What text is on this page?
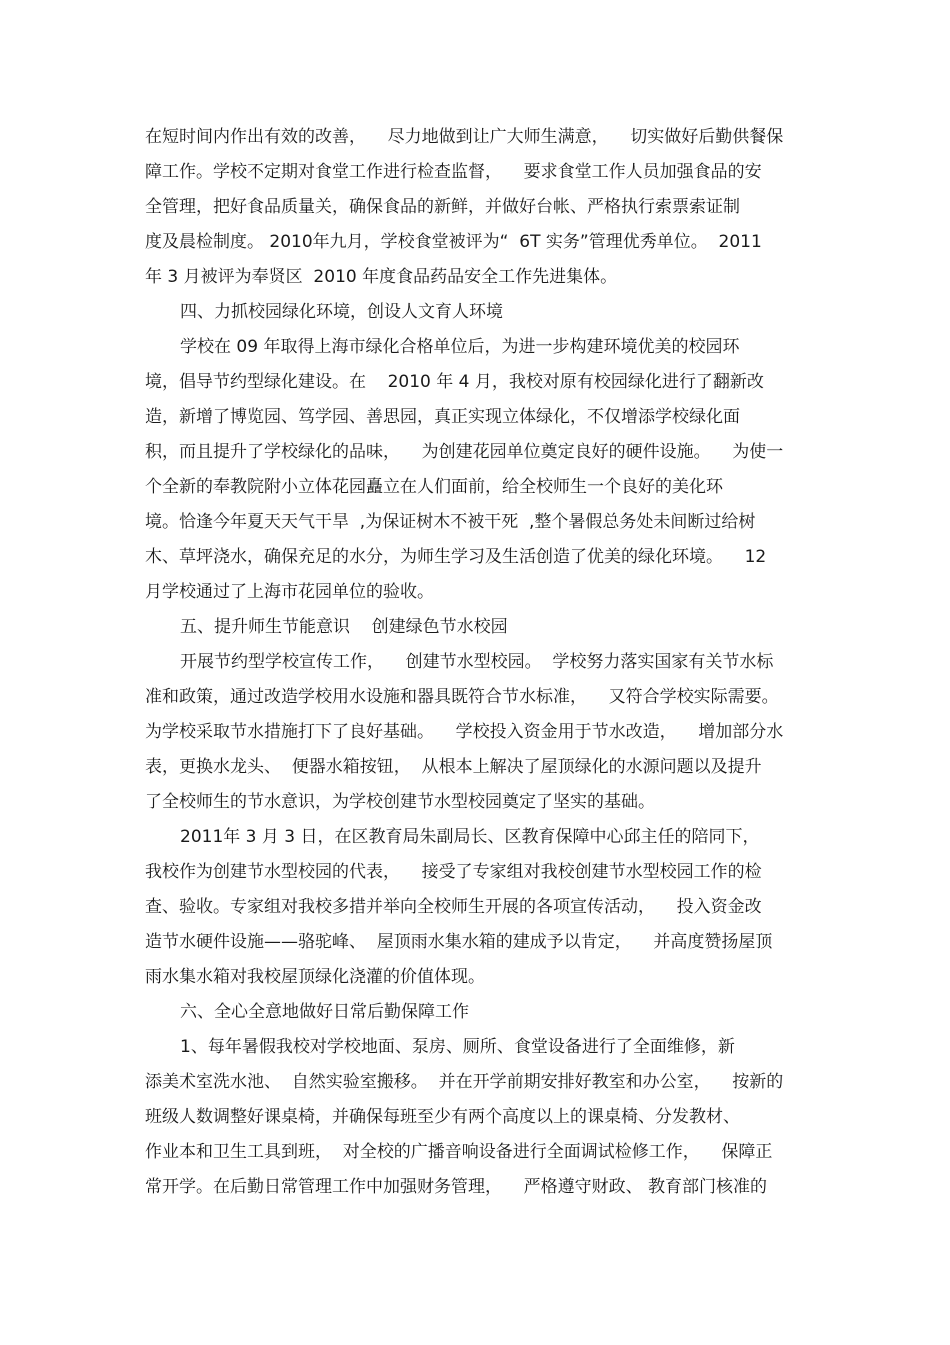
在短时间内作出有效的改善，    尽力地做到让广大师生满意，    切实做好后勤供餐保

障工作。学校不定期对食堂工作进行检查监督，    要求食堂工作人员加强食品的安

全管理，把好食品质量关，确保食品的新鲜，并做好台帐、严格执行索票索证制

度及晨检制度。 2010年九月，学校食堂被评为“  6T 实务”管理优秀单位。  2011

年 3 月被评为奉贤区  2010 年度食品药品安全工作先进集体。

四、力抓校园绿化环境，创设人文育人环境

学校在 09 年取得上海市绿化合格单位后，为进一步构建环境优美的校园环

境，倡导节约型绿化建设。在    2010 年 4 月，我校对原有校园绿化进行了翻新改

造，新增了博览园、笃学园、善思园，真正实现立体绿化，不仅增添学校绿化面

积，而且提升了学校绿化的品味，    为创建花园单位奠定良好的硬件设施。    为使一

个全新的奉教院附小立体花园矗立在人们面前，给全校师生一个良好的美化环

境。恰逢今年夏天天气干旱  ,为保证树木不被干死  ,整个暑假总务处未间断过给树

木、草坪浇水，确保充足的水分，为师生学习及生活创造了优美的绿化环境。    12

月学校通过了上海市花园单位的验收。

五、提升师生节能意识    创建绿色节水校园

开展节约型学校宣传工作，    创建节水型校园。  学校努力落实国家有关节水标

准和政策，通过改造学校用水设施和器具既符合节水标准，    又符合学校实际需要。

为学校采取节水措施打下了良好基础。    学校投入资金用于节水改造，    增加部分水

表，更换水龙头、  便器水箱按钮，  从根本上解决了屋顶绿化的水源问题以及提升

了全校师生的节水意识，为学校创建节水型校园奠定了坚实的基础。

2011年 3 月 3 日，在区教育局朱副局长、区教育保障中心邱主任的陪同下，

我校作为创建节水型校园的代表，    接受了专家组对我校创建节水型校园工作的检

查、验收。专家组对我校多措并举向全校师生开展的各项宣传活动，    投入资金改

造节水硬件设施——骆驼峰、  屋顶雨水集水箱的建成予以肯定，    并高度赞扬屋顶

雨水集水箱对我校屋顶绿化浇灌的价值体现。

六、全心全意地做好日常后勤保障工作

1、每年暑假我校对学校地面、泵房、厕所、食堂设备进行了全面维修，新

添美术室洗水池、  自然实验室搬移。  并在开学前期安排好教室和办公室，    按新的

班级人数调整好课桌椅，并确保每班至少有两个高度以上的课桌椅、分发教材、

作业本和卫生工具到班，  对全校的广播音响设备进行全面调试检修工作，    保障正

常开学。在后勤日常管理工作中加强财务管理，    严格遵守财政、 教育部门核准的
